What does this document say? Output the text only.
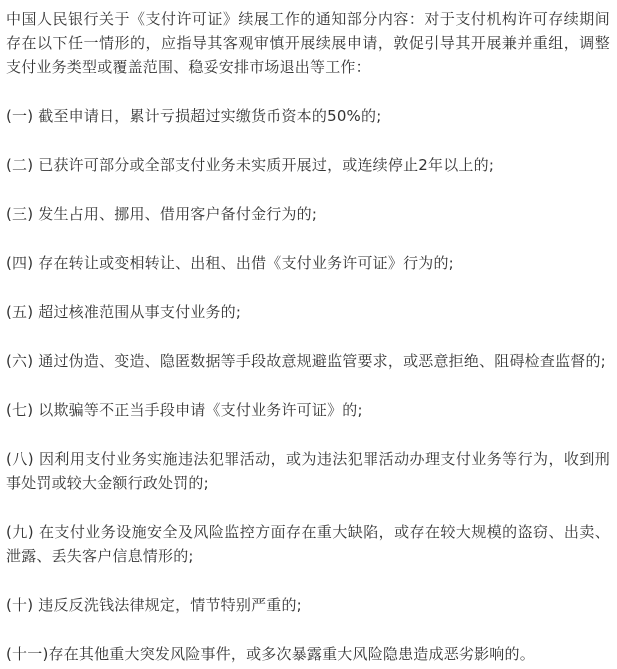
中国人民银行关于《支付许可证》续展工作的通知部分内容：对于支付机构许可存续期间存在以下任一情形的，应指导其客观审慎开展续展申请，敦促引导其开展兼并重组，调整支付业务类型或覆盖范围、稳妥安排市场退出等工作：

(一) 截至申请日，累计亏损超过实缴货币资本的50%的;

(二) 已获许可部分或全部支付业务未实质开展过，或连续停止2年以上的;

(三) 发生占用、挪用、借用客户备付金行为的;

(四) 存在转让或变相转让、出租、出借《支付业务许可证》行为的;

(五) 超过核准范围从事支付业务的;

(六) 通过伪造、变造、隐匿数据等手段故意规避监管要求，或恶意拒绝、阻碍检查监督的;

(七) 以欺骗等不正当手段申请《支付业务许可证》的;

(八) 因利用支付业务实施违法犯罪活动，或为违法犯罪活动办理支付业务等行为，收到刑事处罚或较大金额行政处罚的;

(九) 在支付业务设施安全及风险监控方面存在重大缺陷，或存在较大规模的盗窃、出卖、泄露、丢失客户信息情形的;

(十) 违反反洗钱法律规定，情节特别严重的;

(十一)存在其他重大突发风险事件，或多次暴露重大风险隐患造成恶劣影响的。
